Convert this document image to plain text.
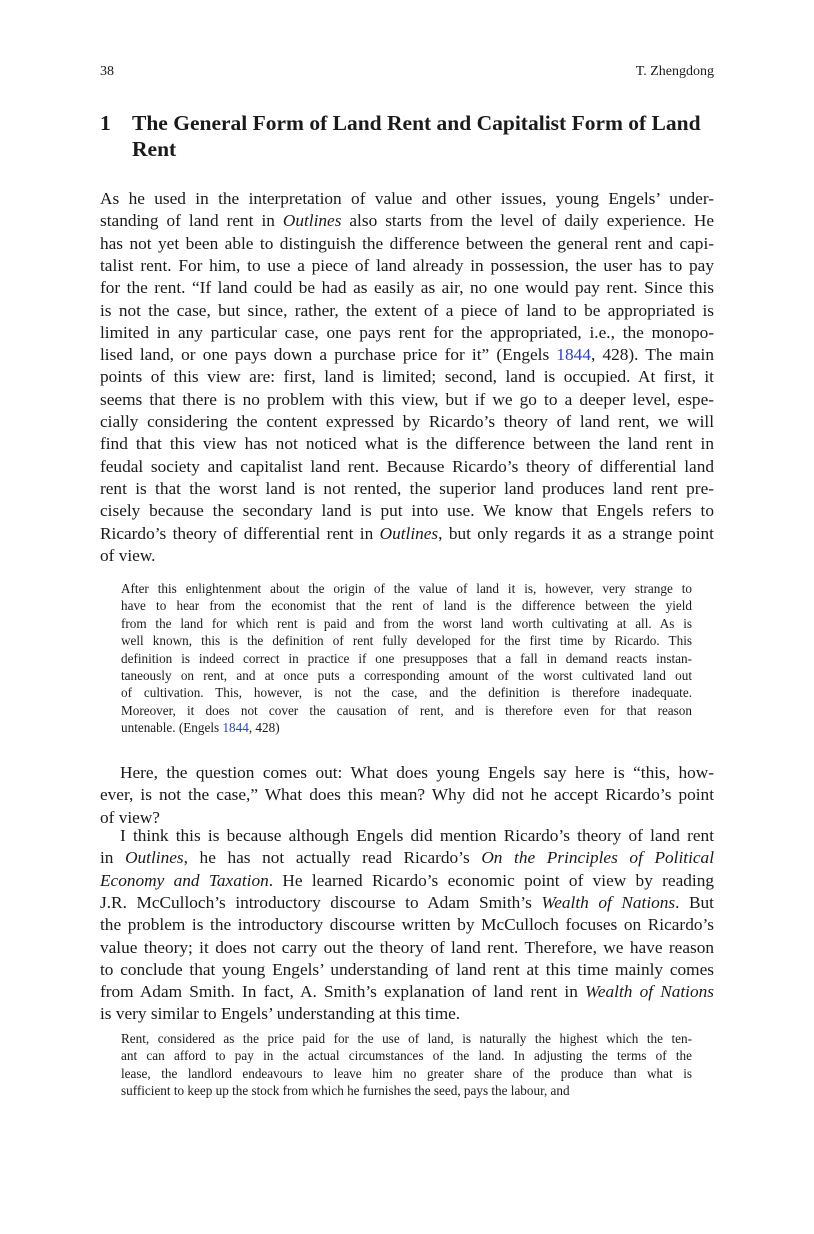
38	T. Zhengdong
1 The General Form of Land Rent and Capitalist Form of Land Rent
As he used in the interpretation of value and other issues, young Engels’ under-
standing of land rent in Outlines also starts from the level of daily experience. He
has not yet been able to distinguish the difference between the general rent and capi-
talist rent. For him, to use a piece of land already in possession, the user has to pay
for the rent. “If land could be had as easily as air, no one would pay rent. Since this
is not the case, but since, rather, the extent of a piece of land to be appropriated is
limited in any particular case, one pays rent for the appropriated, i.e., the monopo-
lised land, or one pays down a purchase price for it” (Engels 1844, 428). The main
points of this view are: first, land is limited; second, land is occupied. At first, it
seems that there is no problem with this view, but if we go to a deeper level, espe-
cially considering the content expressed by Ricardo’s theory of land rent, we will
find that this view has not noticed what is the difference between the land rent in
feudal society and capitalist land rent. Because Ricardo’s theory of differential land
rent is that the worst land is not rented, the superior land produces land rent pre-
cisely because the secondary land is put into use. We know that Engels refers to
Ricardo’s theory of differential rent in Outlines, but only regards it as a strange point
of view.
After this enlightenment about the origin of the value of land it is, however, very strange to
have to hear from the economist that the rent of land is the difference between the yield
from the land for which rent is paid and from the worst land worth cultivating at all. As is
well known, this is the definition of rent fully developed for the first time by Ricardo. This
definition is indeed correct in practice if one presupposes that a fall in demand reacts instan-
taneously on rent, and at once puts a corresponding amount of the worst cultivated land out
of cultivation. This, however, is not the case, and the definition is therefore inadequate.
Moreover, it does not cover the causation of rent, and is therefore even for that reason
untenable. (Engels 1844, 428)
Here, the question comes out: What does young Engels say here is “this, how-
ever, is not the case,” What does this mean? Why did not he accept Ricardo’s point
of view?
I think this is because although Engels did mention Ricardo’s theory of land rent
in Outlines, he has not actually read Ricardo’s On the Principles of Political
Economy and Taxation. He learned Ricardo’s economic point of view by reading
J.R. McCulloch’s introductory discourse to Adam Smith’s Wealth of Nations. But
the problem is the introductory discourse written by McCulloch focuses on Ricardo’s
value theory; it does not carry out the theory of land rent. Therefore, we have reason
to conclude that young Engels’ understanding of land rent at this time mainly comes
from Adam Smith. In fact, A. Smith’s explanation of land rent in Wealth of Nations
is very similar to Engels’ understanding at this time.
Rent, considered as the price paid for the use of land, is naturally the highest which the ten-
ant can afford to pay in the actual circumstances of the land. In adjusting the terms of the
lease, the landlord endeavours to leave him no greater share of the produce than what is
sufficient to keep up the stock from which he furnishes the seed, pays the labour, and
